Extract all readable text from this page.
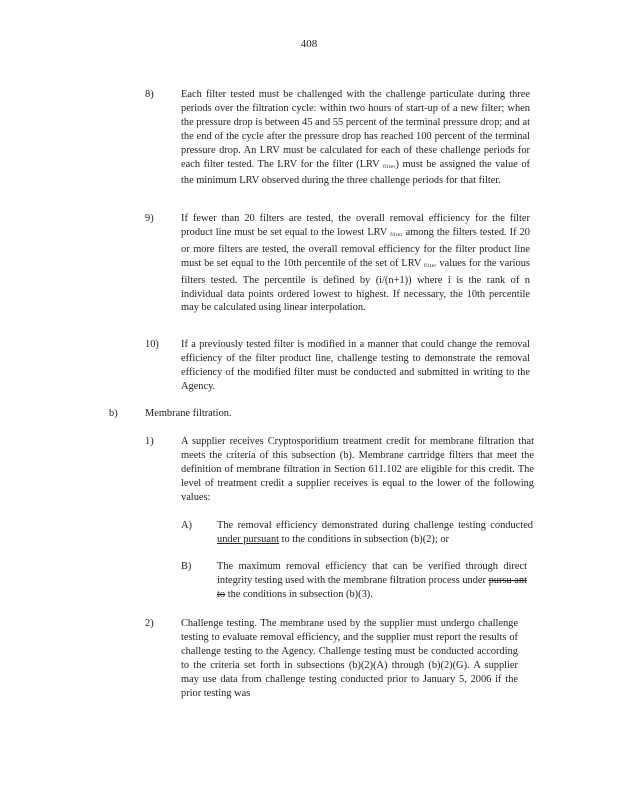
408
8)	Each filter tested must be challenged with the challenge particulate during three periods over the filtration cycle: within two hours of start-up of a new filter; when the pressure drop is between 45 and 55 percent of the terminal pressure drop; and at the end of the cycle after the pressure drop has reached 100 percent of the terminal pressure drop. An LRV must be calculated for each of these challenge periods for each filter tested. The LRV for the filter (LRV filter) must be assigned the value of the minimum LRV observed during the three challenge periods for that filter.

9)	If fewer than 20 filters are tested, the overall removal efficiency for the filter product line must be set equal to the lowest LRV filter among the filters tested. If 20 or more filters are tested, the overall removal efficiency for the filter product line must be set equal to the 10th percentile of the set of LRV filter values for the various filters tested. The percentile is defined by (i/(n+1)) where i is the rank of n individual data points ordered lowest to highest. If necessary, the 10th percentile may be calculated using linear interpolation.

10) If a previously tested filter is modified in a manner that could change the removal efficiency of the filter product line, challenge testing to demonstrate the removal efficiency of the modified filter must be conducted and submitted in writing to the Agency.
b)	Membrane filtration.
1)	A supplier receives Cryptosporidium treatment credit for membrane filtration that meets the criteria of this subsection (b). Membrane cartridge filters that meet the definition of membrane filtration in Section 611.102 are eligible for this credit. The level of treatment credit a supplier receives is equal to the lower of the following values:
A) The removal efficiency demonstrated during challenge testing conducted under pursuant to the conditions in subsection (b)(2); or

B) The maximum removal efficiency that can be verified through direct integrity testing used with the membrane filtration process under pursu ant to the conditions in subsection (b)(3).

2)	Challenge testing. The membrane used by the supplier must undergo challenge testing to evaluate removal efficiency, and the supplier must report the results of challenge testing to the Agency. Challenge testing must be conducted according to the criteria set forth in subsections (b)(2)(A) through (b)(2)(G). A supplier may use data from challenge testing conducted prior to January 5, 2006 if the prior testing was
